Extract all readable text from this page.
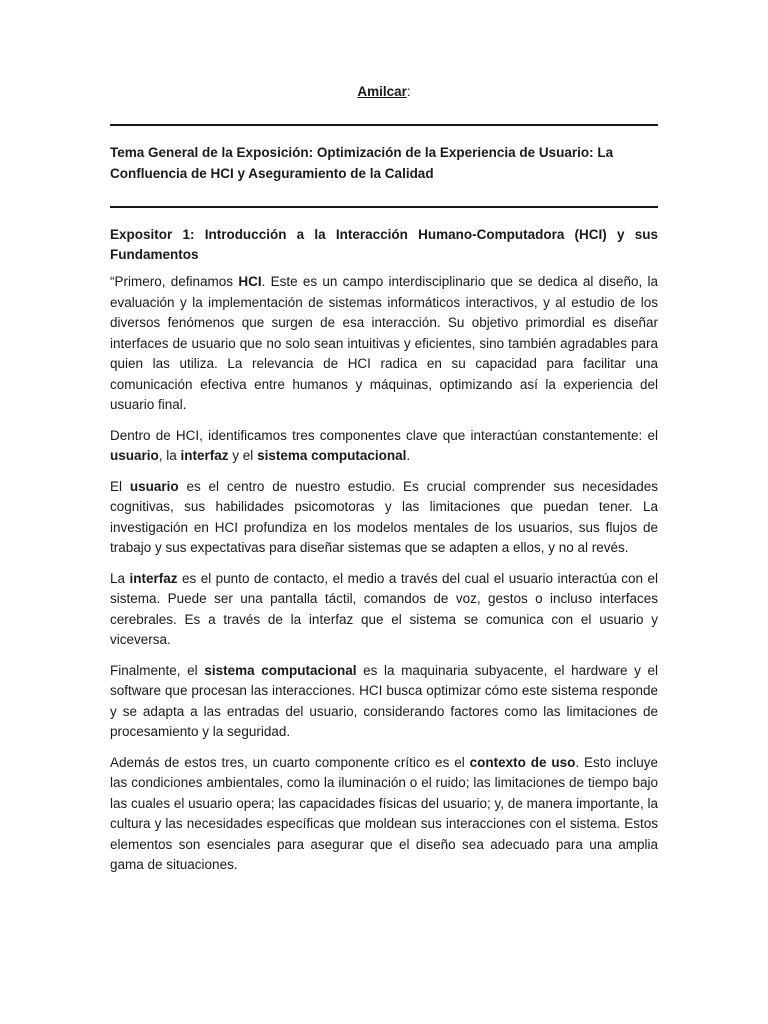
Amilcar:
Tema General de la Exposición: Optimización de la Experiencia de Usuario: La Confluencia de HCI y Aseguramiento de la Calidad
Expositor 1: Introducción a la Interacción Humano-Computadora (HCI) y sus Fundamentos

“Primero, definamos HCI. Este es un campo interdisciplinario que se dedica al diseño, la evaluación y la implementación de sistemas informáticos interactivos, y al estudio de los diversos fenómenos que surgen de esa interacción. Su objetivo primordial es diseñar interfaces de usuario que no solo sean intuitivas y eficientes, sino también agradables para quien las utiliza. La relevancia de HCI radica en su capacidad para facilitar una comunicación efectiva entre humanos y máquinas, optimizando así la experiencia del usuario final.

Dentro de HCI, identificamos tres componentes clave que interactúan constantemente: el usuario, la interfaz y el sistema computacional.

El usuario es el centro de nuestro estudio. Es crucial comprender sus necesidades cognitivas, sus habilidades psicomotoras y las limitaciones que puedan tener. La investigación en HCI profundiza en los modelos mentales de los usuarios, sus flujos de trabajo y sus expectativas para diseñar sistemas que se adapten a ellos, y no al revés.

La interfaz es el punto de contacto, el medio a través del cual el usuario interactúa con el sistema. Puede ser una pantalla táctil, comandos de voz, gestos o incluso interfaces cerebrales. Es a través de la interfaz que el sistema se comunica con el usuario y viceversa.

Finalmente, el sistema computacional es la maquinaria subyacente, el hardware y el software que procesan las interacciones. HCI busca optimizar cómo este sistema responde y se adapta a las entradas del usuario, considerando factores como las limitaciones de procesamiento y la seguridad.

Además de estos tres, un cuarto componente crítico es el contexto de uso. Esto incluye las condiciones ambientales, como la iluminación o el ruido; las limitaciones de tiempo bajo las cuales el usuario opera; las capacidades físicas del usuario; y, de manera importante, la cultura y las necesidades específicas que moldean sus interacciones con el sistema. Estos elementos son esenciales para asegurar que el diseño sea adecuado para una amplia gama de situaciones.
